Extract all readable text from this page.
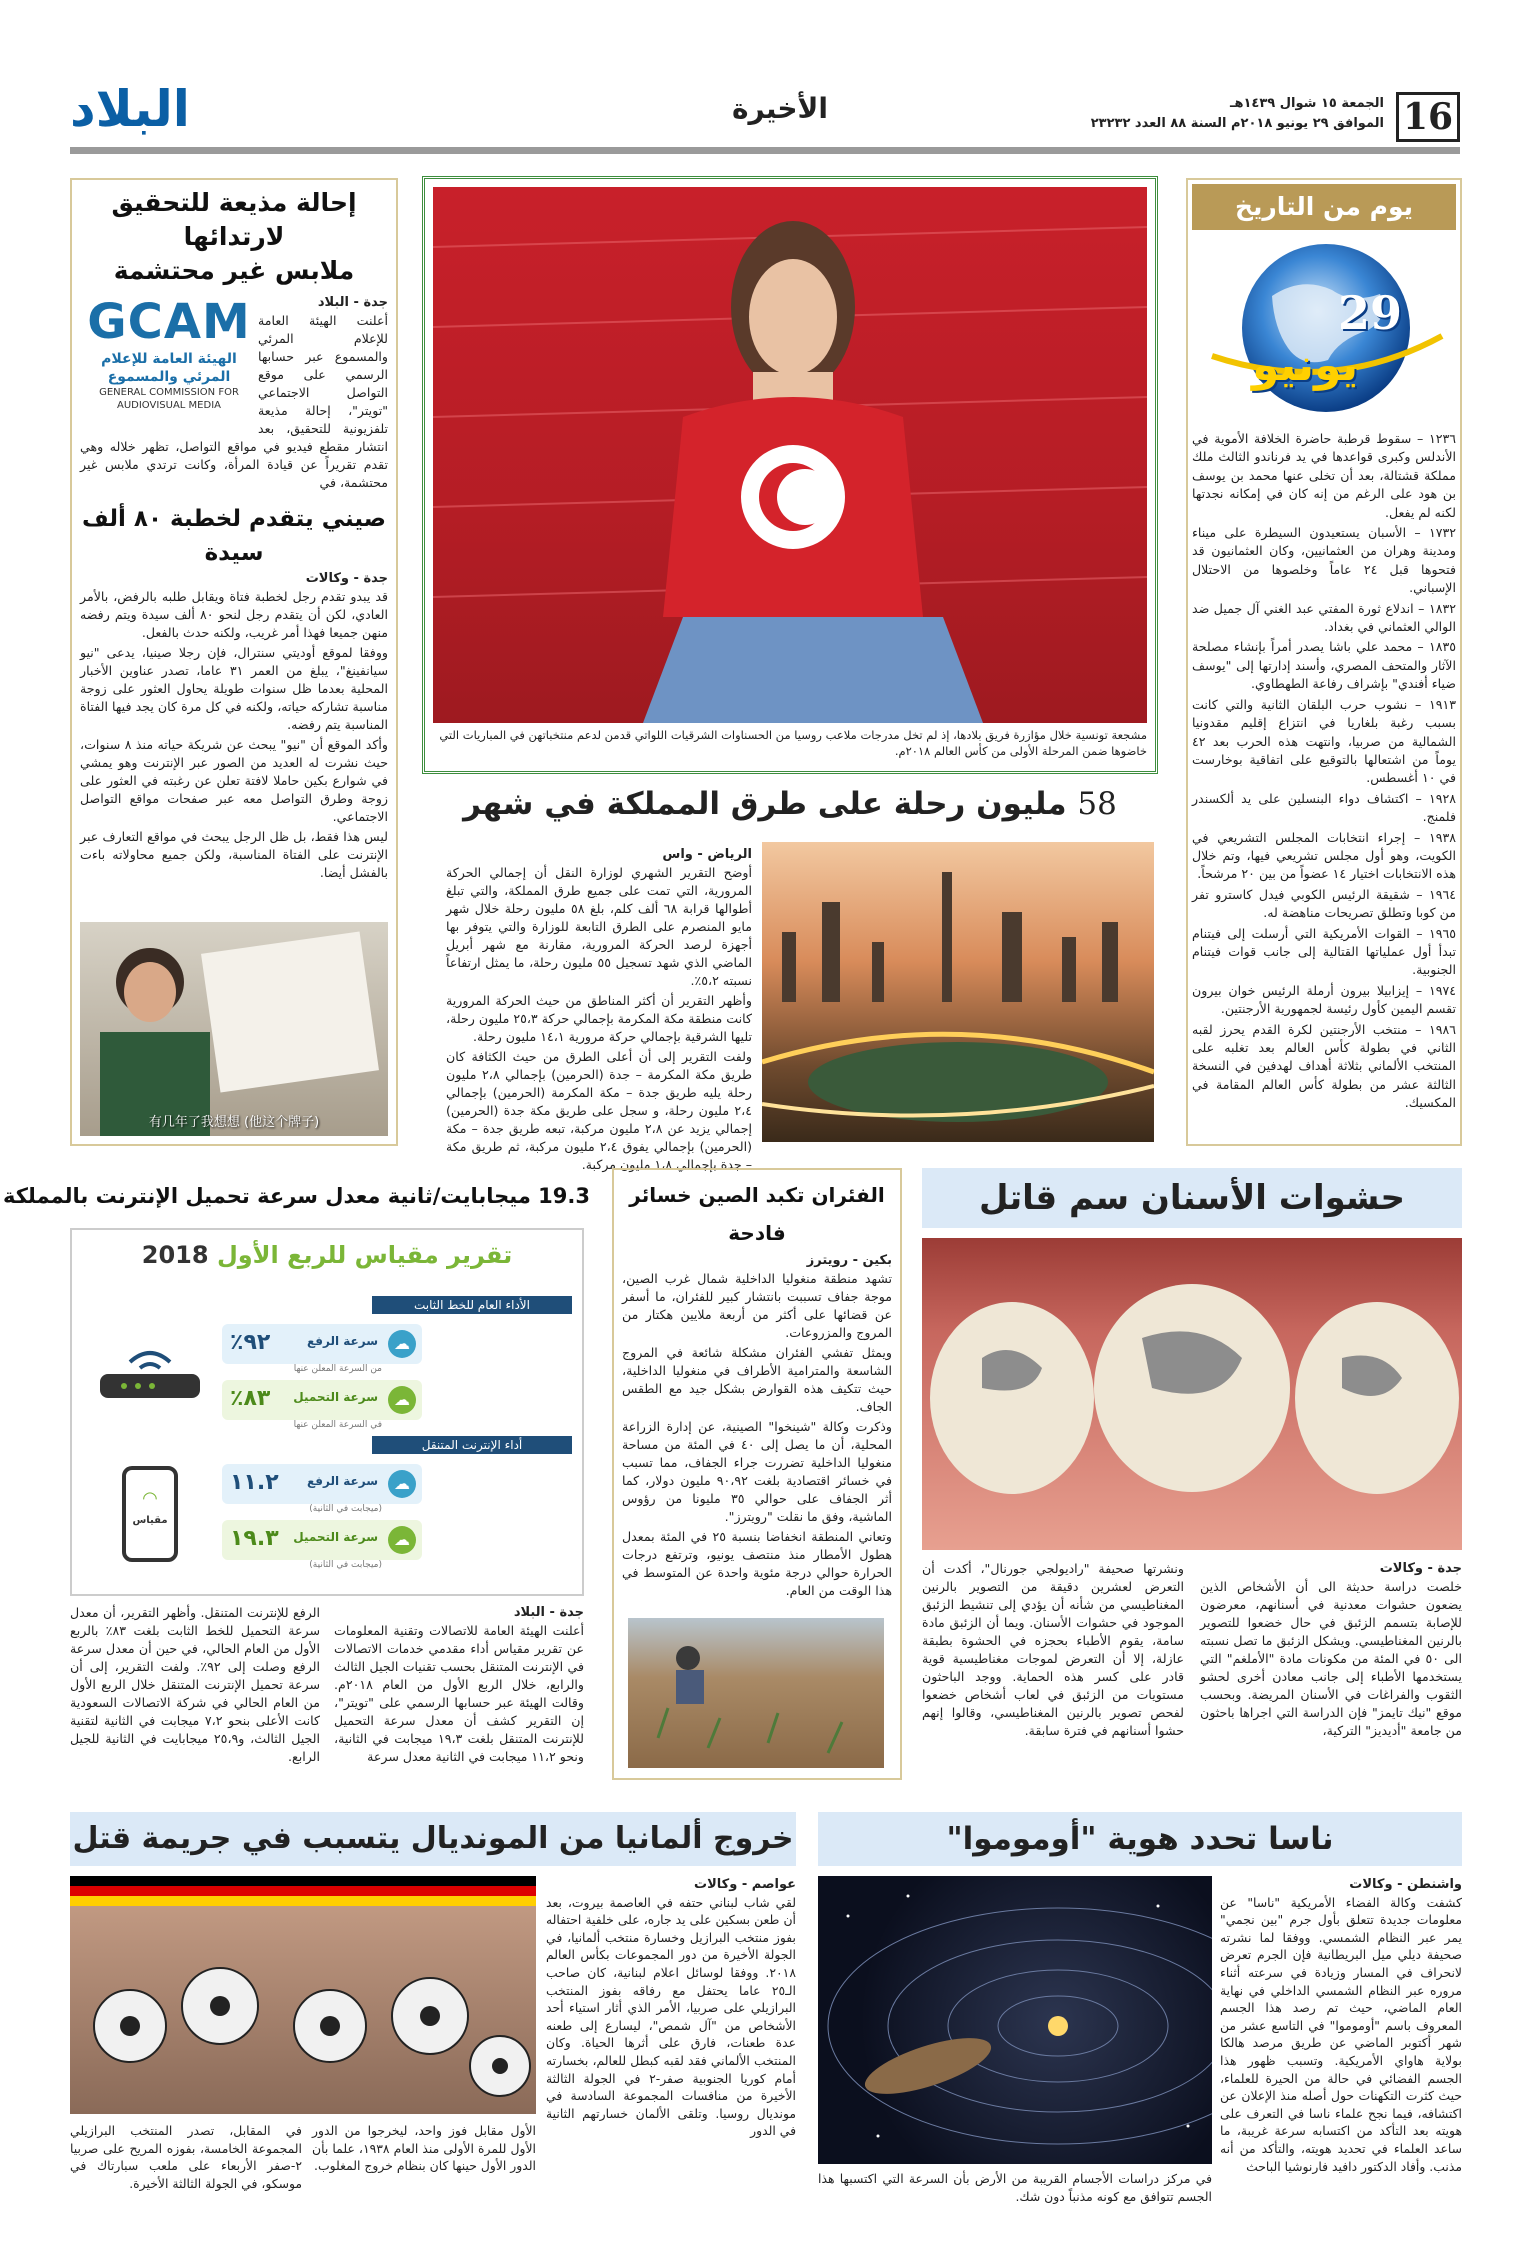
16
الجمعة ١٥ شوال ١٤٣٩هـ
الموافق ٢٩ يونيو ٢٠١٨م السنة ٨٨ العدد ٢٣٢٣٢
الأخيرة
البلاد
يوم من التاريخ
29
يونيو

١٢٣٦ – سقوط قرطبة حاضرة الخلافة الأموية في الأندلس وكبرى قواعدها في يد فرناندو الثالث ملك مملكة قشتالة، بعد أن تخلى عنها محمد بن يوسف بن هود على الرغم من إنه كان في إمكانه نجدتها لكنه لم يفعل.

١٧٣٢ – الأسبان يستعيدون السيطرة على ميناء ومدينة وهران من العثمانيين، وكان العثمانيون قد فتحوها قبل ٢٤ عاماً وخلصوها من الاحتلال الإسباني.

١٨٣٢ – اندلاع ثورة المفتي عبد الغني آل جميل ضد الوالي العثماني في بغداد.

١٨٣٥ – محمد علي باشا يصدر أمراً بإنشاء مصلحة الآثار والمتحف المصري، وأسند إدارتها إلى "يوسف ضياء أفندي" بإشراف رفاعة الطهطاوي.

١٩١٣ – نشوب حرب البلقان الثانية والتي كانت بسبب رغبة بلغاريا في انتزاع إقليم مقدونيا الشمالية من صربيا، وانتهت هذه الحرب بعد ٤٢ يوماً من اشتعالها بالتوقيع على اتفاقية بوخارست في ١٠ أغسطس.

١٩٢٨ – اكتشاف دواء البنسلين على يد ألكسندر فلمنج.

١٩٣٨ – إجراء انتخابات المجلس التشريعي في الكويت، وهو أول مجلس تشريعي فيها، وتم خلال هذه الانتخابات اختيار ١٤ عضواً من بين ٢٠ مرشحاً.

١٩٦٤ – شقيقة الرئيس الكوبي فيدل كاسترو تفر من كوبا وتطلق تصريحات مناهضة له.

١٩٦٥ – القوات الأمريكية التي أرسلت إلى فيتنام تبدأ أول عملياتها القتالية إلى جانب قوات فيتنام الجنوبية.

١٩٧٤ – إيزابيلا بيرون أرملة الرئيس خوان بيرون تقسم اليمين كأول رئيسة لجمهورية الأرجنتين.

١٩٨٦ – منتخب الأرجنتين لكرة القدم يحرز لقبه الثاني في بطولة كأس العالم بعد تغلبه على المنتخب الألماني بثلاثة أهداف لهدفين في النسخة الثالثة عشر من بطولة كأس العالم المقامة في المكسيك.

مشجعة تونسية خلال مؤازرة فريق بلادها، إذ لم تخل مدرجات ملاعب روسيا من الحسناوات الشرقيات اللواتي قدمن لدعم منتخباتهن في المباريات التي خاضوها ضمن المرحلة الأولى من كأس العالم ٢٠١٨م.
58 مليون رحلة على طرق المملكة في شهر
الرياض - واس

أوضح التقرير الشهري لوزارة النقل أن إجمالي الحركة المرورية، التي تمت على جميع طرق المملكة، والتي تبلغ أطوالها قرابة ٦٨ ألف كلم، بلغ ٥٨ مليون رحلة خلال شهر مايو المنصرم على الطرق التابعة للوزارة والتي يتوفر بها أجهزة لرصد الحركة المرورية، مقارنة مع شهر أبريل الماضي الذي شهد تسجيل ٥٥ مليون رحلة، ما يمثل ارتفاعاً نسبته ٥،٢٪.

وأظهر التقرير أن أكثر المناطق من حيث الحركة المرورية كانت منطقة مكة المكرمة بإجمالي حركة ٢٥،٣ مليون رحلة، تليها الشرقية بإجمالي حركة مرورية ١٤،١ مليون رحلة.

ولفت التقرير إلى أن أعلى الطرق من حيث الكثافة كان طريق مكة المكرمة – جدة (الحرمين) بإجمالي ٢،٨ مليون رحلة يليه طريق جدة – مكة المكرمة (الحرمين) بإجمالي ٢،٤ مليون رحلة، و سجل على طريق مكة جدة (الحرمين) إجمالي يزيد عن ٢،٨ مليون مركبة، تبعه طريق جدة – مكة (الحرمين) بإجمالي يفوق ٢،٤ مليون مركبة، ثم طريق مكة – جدة بإجمالي ١،٨ مليون مركبة.

إحالة مذيعة للتحقيق لارتدائها
ملابس غير محتشمة
GCAM
الهيئة العامة للإعلام المرئي والمسموع
GENERAL COMMISSION FOR AUDIOVISUAL MEDIA
جدة - البلاد
أعلنت الهيئة العامة للإعلام المرئي والمسموع عبر حسابها الرسمي على موقع التواصل الاجتماعي "تويتر"، إحالة مذيعة تلفزيونية للتحقيق، بعد انتشار مقطع فيديو في مواقع التواصل، تظهر خلاله وهي تقدم تقريراً عن قيادة المرأة، وكانت ترتدي ملابس غير محتشمة، في
صيني يتقدم لخطبة ٨٠ ألف سيدة
جدة - وكالات

قد يبدو تقدم رجل لخطبة فتاة ويقابل طلبه بالرفض، بالأمر العادي، لكن أن يتقدم رجل لنحو ٨٠ ألف سيدة ويتم رفضه منهن جميعا فهذا أمر غريب، ولكنه حدث بالفعل.

ووفقا لموقع أوديتي سنترال، فإن رجلا صينيا، يدعى "نيو سيانفينغ"، يبلغ من العمر ٣١ عاما، تصدر عناوين الأخبار المحلية بعدما ظل سنوات طويلة يحاول العثور على زوجة مناسبة تشاركه حياته، ولكنه في كل مرة كان يجد فيها الفتاة المناسبة يتم رفضه.

وأكد الموقع أن "نيو" يبحث عن شريكة حياته منذ ٨ سنوات، حيث نشرت له العديد من الصور عبر الإنترنت وهو يمشي في شوارع بكين حاملا لافتة تعلن عن رغبته في العثور على زوجة وطرق التواصل معه عبر صفحات مواقع التواصل الاجتماعي.

ليس هذا فقط، بل ظل الرجل يبحث في مواقع التعارف عبر الإنترنت على الفتاة المناسبة، ولكن جميع محاولاته باءت بالفشل أيضا.

(他这个牌子) 有几年了我想想
حشوات الأسنان سم قاتل
جدة - وكالات
خلصت دراسة حديثة الى أن الأشخاص الذين يضعون حشوات معدنية في أسنانهم، معرضون للإصابة بتسمم الزئبق في حال خضعوا للتصوير بالرنين المغناطيسي. ويشكل الزئبق ما تصل نسبته الى ٥٠ في المئة من مكونات مادة "الأملغم" التي يستخدمها الأطباء إلى جانب معادن أخرى لحشو الثقوب والفراغات في الأسنان المريضة. وبحسب موقع "نيك تايمز" فإن الدراسة التي اجراها باحثون من جامعة "أديديز" التركية،
ونشرتها صحيفة "راديولجي جورنال"، أكدت أن التعرض لعشرين دقيقة من التصوير بالرنين المغناطيسي من شأنه أن يؤدي إلى تنشيط الزئبق الموجود في حشوات الأسنان. ويما أن الزئبق مادة سامة، يقوم الأطباء بحجزه في الحشوة بطبقة عازلة، إلا أن التعرض لموجات مغناطيسية قوية قادر على كسر هذه الحماية. ووجد الباحثون مستويات من الزئبق في لعاب أشخاص خضعوا لفحص تصوير بالرنين المغناطيسي، وقالوا إنهم حشوا أسنانهم في فترة سابقة.
الفئران تكبد الصين خسائر فادحة
بكين - رويترز

تشهد منطقة منغوليا الداخلية شمال غرب الصين، موجة جفاف تسببت بانتشار كبير للفئران، ما أسفر عن قضائها على أكثر من أربعة ملايين هكتار من المروج والمزروعات.

ويمثل تفشي الفئران مشكلة شائعة في المروج الشاسعة والمترامية الأطراف في منغوليا الداخلية، حيث تتكيف هذه القوارض بشكل جيد مع الطقس الجاف.

وذكرت وكالة "شينخوا" الصينية، عن إدارة الزراعة المحلية، أن ما يصل إلى ٤٠ في المئة من مساحة منغوليا الداخلية تضررت جراء الجفاف، مما تسبب في خسائر اقتصادية بلغت ٩٠،٩٢ مليون دولار، كما أثر الجفاف على حوالي ٣٥ مليونا من رؤوس الماشية، وفق ما نقلت "رويترز".

وتعاني المنطقة انخفاضا بنسبة ٢٥ في المئة بمعدل هطول الأمطار منذ منتصف يونيو، وترتفع درجات الحرارة حوالي درجة مئوية واحدة عن المتوسط في هذا الوقت من العام.

19.3 ميجابايت/ثانية معدل سرعة تحميل الإنترنت بالمملكة
تقرير مقياس للربع الأول 2018
الأداء العام للخط الثابت
سرعة الرفع
٩٢٪	☁
من السرعة المعلن عنها
سرعة التحميل
٨٣٪	☁
في السرعة المعلن عنها
أداء الإنترنت المتنقل
سرعة الرفع
١١.٢	☁
(ميجابت في الثانية)
سرعة التحميل
١٩.٣	☁
(ميجابت في الثانية)
◠
مقياس
جدة - البلاد
أعلنت الهيئة العامة للاتصالات وتقنية المعلومات عن تقرير مقياس أداء مقدمي خدمات الاتصالات في الإنترنت المتنقل بحسب تقنيات الجيل الثالث والرابع، خلال الربع الأول من العام ٢٠١٨م. وقالت الهيئة عبر حسابها الرسمي على "تويتر"، إن التقرير كشف أن معدل سرعة التحميل للإنترنت المتنقل بلغت ١٩،٣ ميجابت في الثانية، ونحو ١١،٢ ميجابت في الثانية معدل سرعة
الرفع للإنترنت المتنقل. وأظهر التقرير، أن معدل سرعة التحميل للخط الثابت بلغت ٨٣٪ بالربع الأول من العام الحالي، في حين أن معدل سرعة الرفع وصلت إلى ٩٢٪. ولفت التقرير، إلى أن سرعة تحميل الإنترنت المتنقل خلال الربع الأول من العام الحالي في شركة الاتصالات السعودية كانت الأعلى بنحو ٧،٢ ميجابت في الثانية لتقنية الجيل الثالث، و٢٥،٩ ميجابايت في الثانية للجيل الرابع.
ناسا تحدد هوية "أوموموا"
واشنطن - وكالات
كشفت وكالة الفضاء الأمريكية "ناسا" عن معلومات جديدة تتعلق بأول جرم "بين نجمي" يمر عبر النظام الشمسي. ووفقا لما نشرته صحيفة ديلي ميل البريطانية فإن الجرم تعرض لانحراف في المسار وزيادة في سرعته أثناء مروره عبر النظام الشمسي الداخلي في نهاية العام الماضي، حيث تم رصد هذا الجسم المعروف باسم "أوموموا" في التاسع عشر من شهر أكتوبر الماضي عن طريق مرصد هالكا بولاية هاواي الأمريكية. وتسبب ظهور هذا الجسم الفضائي في حالة من الحيرة للعلماء، حيث كثرت التكهنات حول أصله منذ الإعلان عن اكتشافه، فيما نجح علماء ناسا في التعرف على هويته بعد التأكد من اكتسابه سرعة غريبة، ما ساعد العلماء في تحديد هويته، والتأكد من أنه مذنب. وأفاد الدكتور دافيد فارنوشيا الباحث
في مركز دراسات الأجسام القريبة من الأرض بأن السرعة التي اكتسبها هذا الجسم تتوافق مع كونه مذنباً دون شك.
خروج ألمانيا من المونديال يتسبب في جريمة قتل
عواصم - وكالات
لقي شاب لبناني حتفه في العاصمة بيروت، بعد أن طعن بسكين على يد جاره، على خلفية احتفاله بفوز منتخب البرازيل وخسارة منتخب ألمانيا، في الجولة الأخيرة من دور المجموعات بكأس العالم ٢٠١٨. ووفقا لوسائل اعلام لبنانية، كان صاحب الـ٢٥ عاما يحتفل مع رفاقه بفوز المنتخب البرازيلي على صربيا، الأمر الذي أثار استياء أحد الأشخاص من "آل شمص"، ليسارع إلى طعنه عدة طعنات، فارق على أثرها الحياة. وكان المنتخب الألماني فقد لقبه كبطل للعالم، بخسارته أمام كوريا الجنوبية صفر-٢ في الجولة الثالثة الأخيرة من منافسات المجموعة السادسة في مونديال روسيا. وتلقى الألمان خسارتهم الثانية في الدور
الأول مقابل فوز واحد، ليخرجوا من الدور الأول للمرة الأولى منذ العام ١٩٣٨، علما بأن الدور الأول حينها كان بنظام خروج المغلوب.
في المقابل، تصدر المنتخب البرازيلي المجموعة الخامسة، بفوزه المريح على صربيا ٢-صفر الأربعاء على ملعب سبارتاك في موسكو، في الجولة الثالثة الأخيرة.
